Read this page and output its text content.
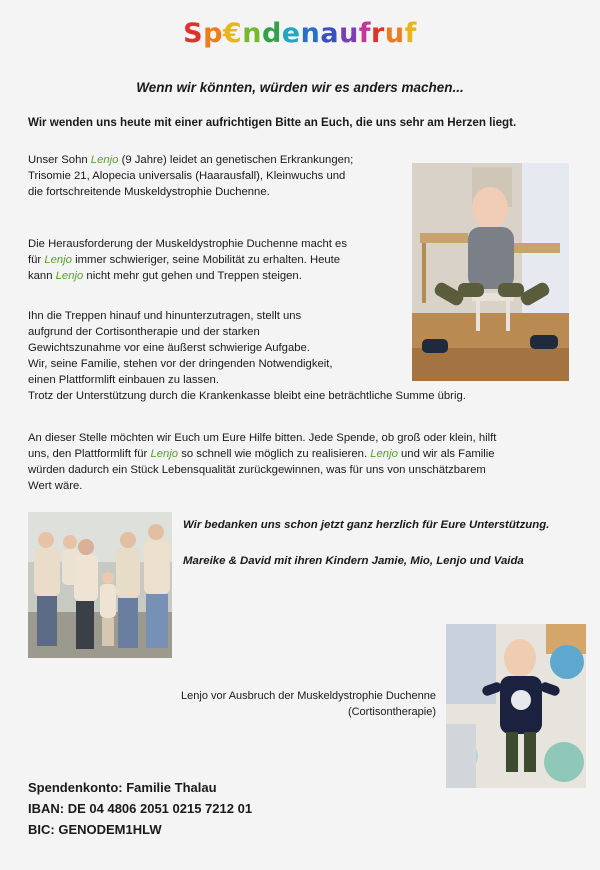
Sp€ndenaufruf
Wenn wir könnten, würden wir es anders machen...
Wir wenden uns heute mit einer aufrichtigen Bitte an Euch, die uns sehr am Herzen liegt.
Unser Sohn Lenjo (9 Jahre) leidet an genetischen Erkrankungen;
Trisomie 21, Alopecia universalis (Haarausfall), Kleinwuchs und
die fortschreitende Muskeldystrophie Duchenne.
Die Herausforderung der Muskeldystrophie Duchenne macht es
für Lenjo immer schwieriger, seine Mobilität zu erhalten. Heute
kann Lenjo nicht mehr gut gehen und Treppen steigen.
Ihn die Treppen hinauf und hinunterzutragen, stellt uns
aufgrund der Cortisontherapie und der starken
Gewichtszunahme vor eine äußerst schwierige Aufgabe.
Wir, seine Familie, stehen vor der dringenden Notwendigkeit,
einen Plattformlift einbauen zu lassen.
Trotz der Unterstützung durch die Krankenkasse bleibt eine beträchtliche Summe übrig.
An dieser Stelle möchten wir Euch um Eure Hilfe bitten. Jede Spende, ob groß oder klein, hilft
uns, den Plattformlift für Lenjo so schnell wie möglich zu realisieren. Lenjo und wir als Familie
würden dadurch ein Stück Lebensqualität zurückgewinnen, was für uns von unschätzbarem
Wert wäre.
Wir bedanken uns schon jetzt ganz herzlich für Eure Unterstützung.
Mareike & David mit ihren Kindern Jamie, Mio, Lenjo und Vaida
Lenjo vor Ausbruch der Muskeldystrophie Duchenne
(Cortisontherapie)
Spendenkonto: Familie Thalau
IBAN: DE 04 4806 2051 0215 7212 01
BIC: GENODEM1HLW
